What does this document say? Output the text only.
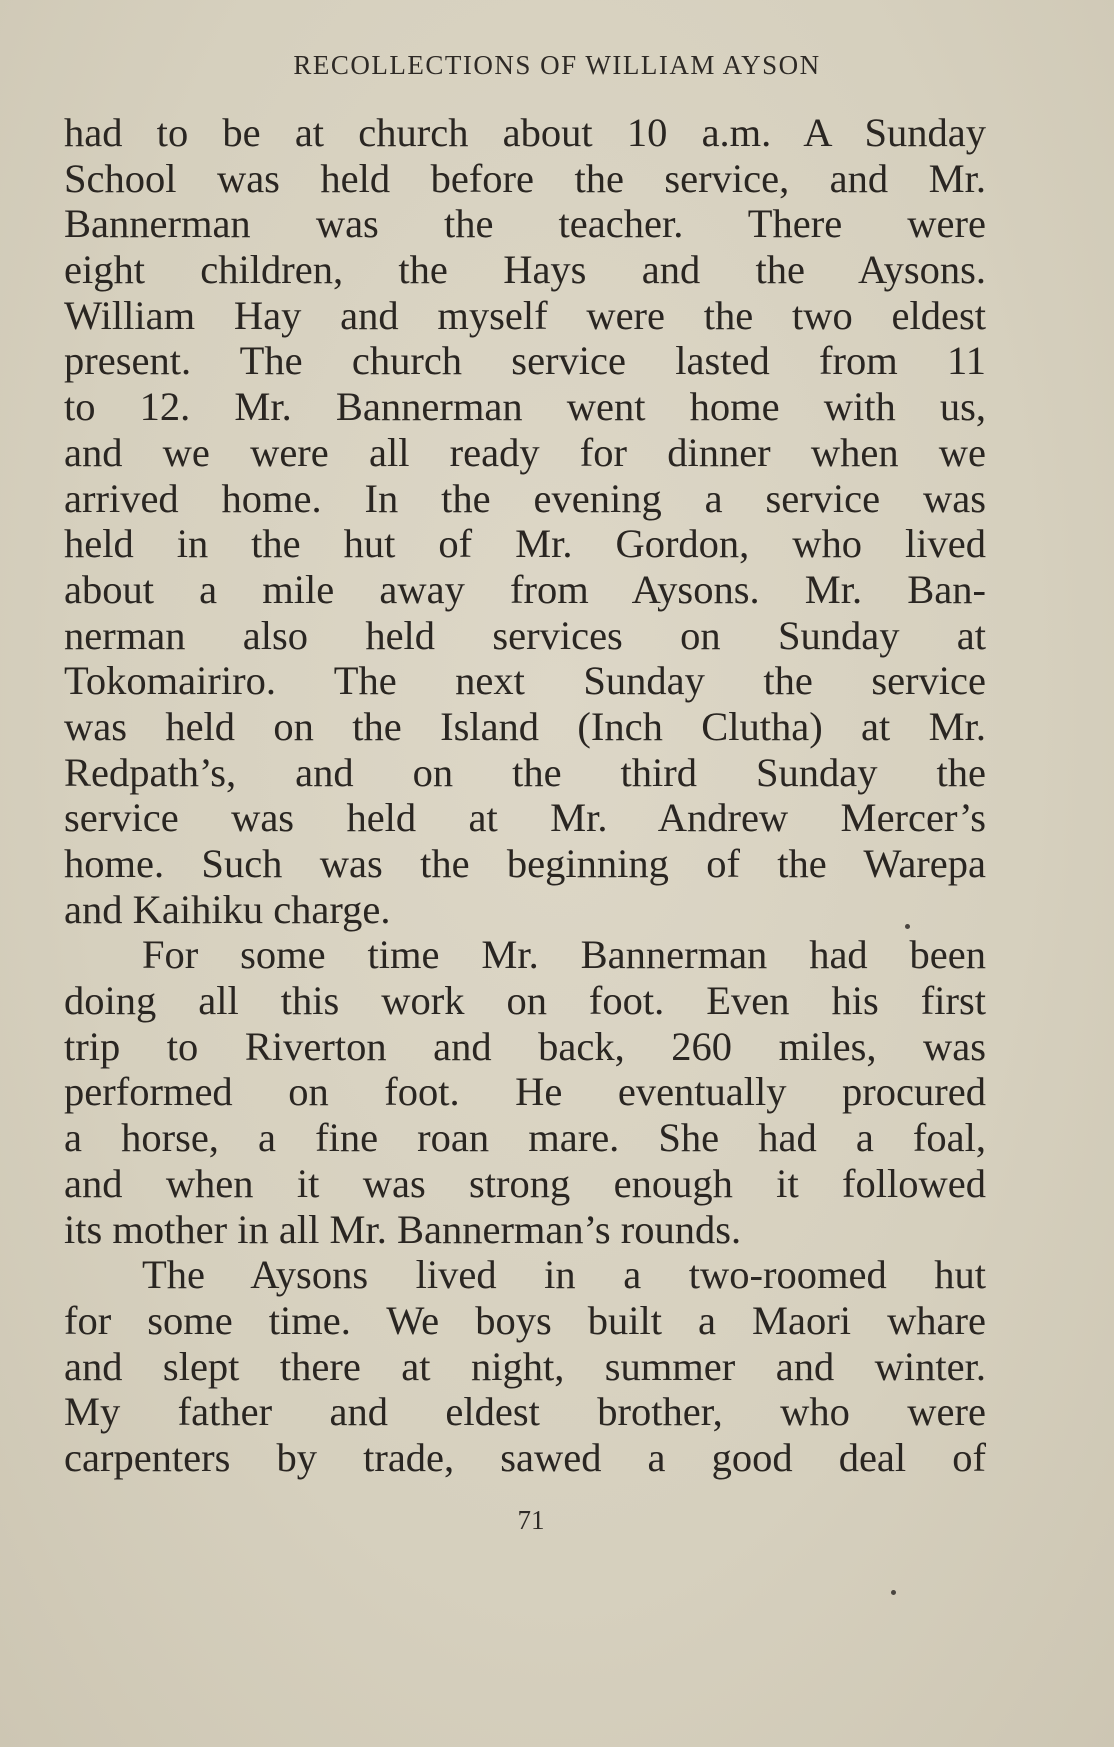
RECOLLECTIONS OF WILLIAM AYSON
had to be at church about 10 a.m. A Sunday
School was held before the service, and Mr.
Bannerman was the teacher. There were
eight children, the Hays and the Aysons.
William Hay and myself were the two eldest
present. The church service lasted from 11
to 12. Mr. Bannerman went home with us,
and we were all ready for dinner when we
arrived home. In the evening a service was
held in the hut of Mr. Gordon, who lived
about a mile away from Aysons. Mr. Ban-
nerman also held services on Sunday at
Tokomairiro. The next Sunday the service
was held on the Island (Inch Clutha) at Mr.
Redpath’s, and on the third Sunday the
service was held at Mr. Andrew Mercer’s
home. Such was the beginning of the Warepa
and Kaihiku charge.
For some time Mr. Bannerman had been
doing all this work on foot. Even his first
trip to Riverton and back, 260 miles, was
performed on foot. He eventually procured
a horse, a fine roan mare. She had a foal,
and when it was strong enough it followed
its mother in all Mr. Bannerman’s rounds.
The Aysons lived in a two-roomed hut
for some time. We boys built a Maori whare
and slept there at night, summer and winter.
My father and eldest brother, who were
carpenters by trade, sawed a good deal of
71
